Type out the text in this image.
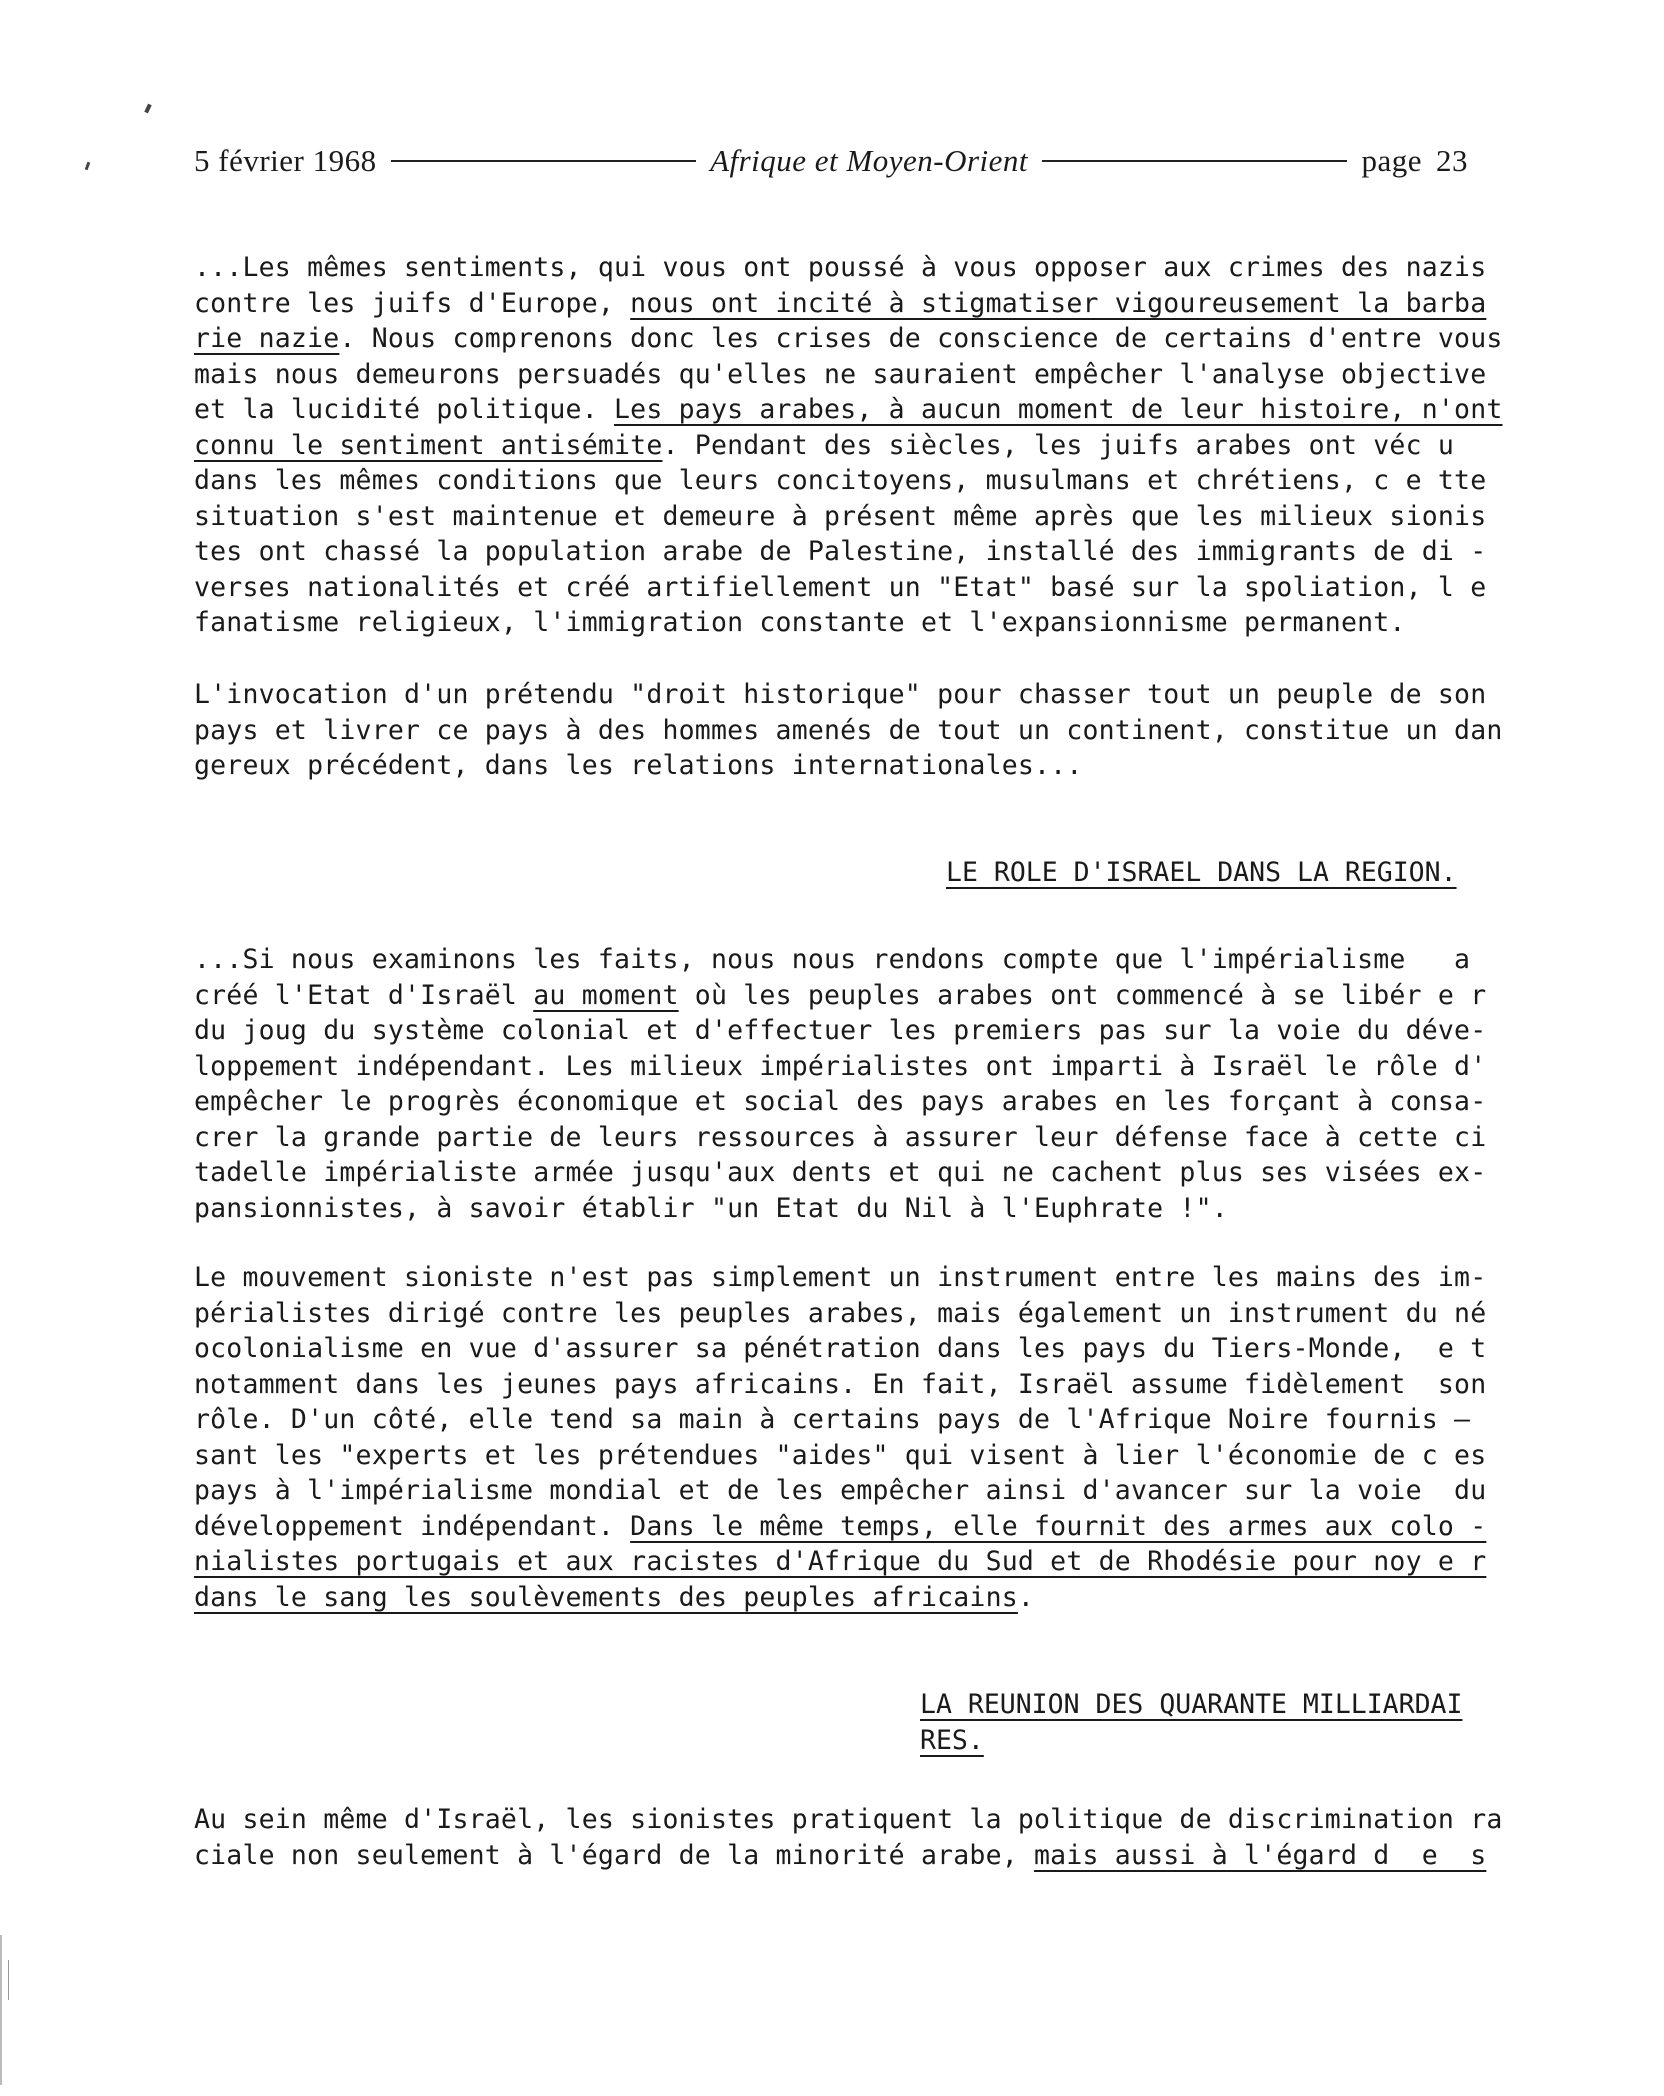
5 février 1968	Afrique et Moyen-Orient	page 23
...Les mêmes sentiments, qui vous ont poussé à vous opposer aux crimes des nazis
contre les juifs d'Europe, nous ont incité à stigmatiser vigoureusement la barba
rie nazie. Nous comprenons donc les crises de conscience de certains d'entre vous
mais nous demeurons persuadés qu'elles ne sauraient empêcher l'analyse objective
et la lucidité politique. Les pays arabes, à aucun moment de leur histoire, n'ont
connu le sentiment antisémite. Pendant des siècles, les juifs arabes ont véc u
dans les mêmes conditions que leurs concitoyens, musulmans et chrétiens, c e tte
situation s'est maintenue et demeure à présent même après que les milieux sionis
tes ont chassé la population arabe de Palestine, installé des immigrants de di -
verses nationalités et créé artifiellement un "Etat" basé sur la spoliation, l e
fanatisme religieux, l'immigration constante et l'expansionnisme permanent.
L'invocation d'un prétendu "droit historique" pour chasser tout un peuple de son
pays et livrer ce pays à des hommes amenés de tout un continent, constitue un dan
gereux précédent, dans les relations internationales...
LE ROLE D'ISRAEL DANS LA REGION.
...Si nous examinons les faits, nous nous rendons compte que l'impérialisme   a
créé l'Etat d'Israël au moment où les peuples arabes ont commencé à se libér e r
du joug du système colonial et d'effectuer les premiers pas sur la voie du déve-
loppement indépendant. Les milieux impérialistes ont imparti à Israël le rôle d'
empêcher le progrès économique et social des pays arabes en les forçant à consa-
crer la grande partie de leurs ressources à assurer leur défense face à cette ci
tadelle impérialiste armée jusqu'aux dents et qui ne cachent plus ses visées ex-
pansionnistes, à savoir établir "un Etat du Nil à l'Euphrate !".
Le mouvement sioniste n'est pas simplement un instrument entre les mains des im-
périalistes dirigé contre les peuples arabes, mais également un instrument du né
ocolonialisme en vue d'assurer sa pénétration dans les pays du Tiers-Monde,  e t
notamment dans les jeunes pays africains. En fait, Israël assume fidèlement  son
rôle. D'un côté, elle tend sa main à certains pays de l'Afrique Noire fournis —
sant les "experts et les prétendues "aides" qui visent à lier l'économie de c es
pays à l'impérialisme mondial et de les empêcher ainsi d'avancer sur la voie  du
développement indépendant. Dans le même temps, elle fournit des armes aux colo -
nialistes portugais et aux racistes d'Afrique du Sud et de Rhodésie pour noy e r
dans le sang les soulèvements des peuples africains.
LA REUNION DES QUARANTE MILLIARDAI
RES.
Au sein même d'Israël, les sionistes pratiquent la politique de discrimination ra
ciale non seulement à l'égard de la minorité arabe, mais aussi à l'égard d  e  s
